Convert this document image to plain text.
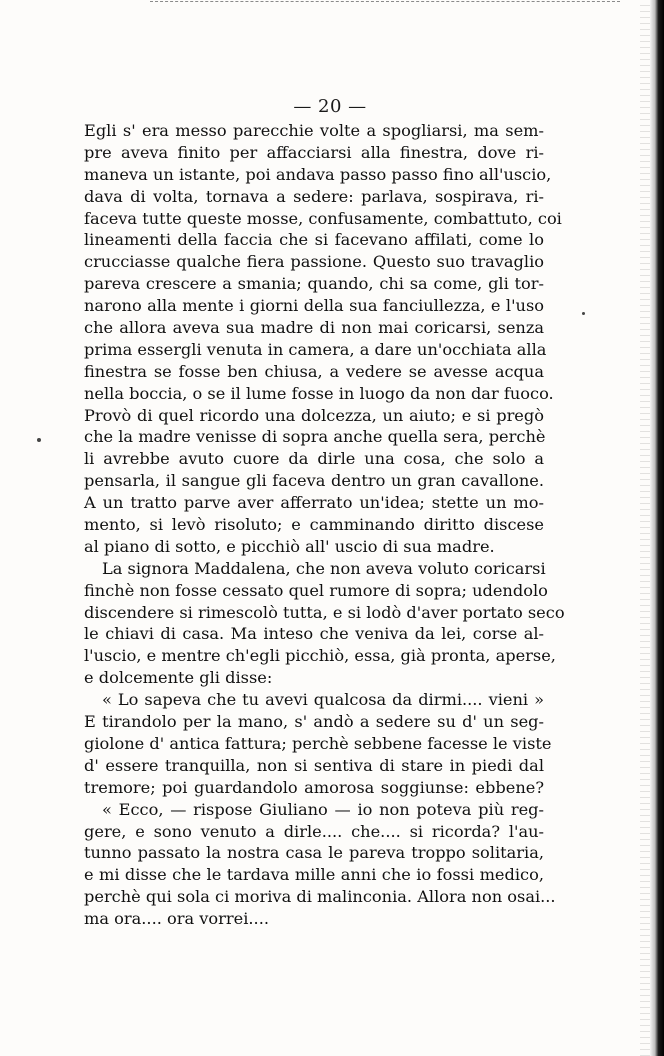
— 20 —
Egli s' era messo parecchie volte a spogliarsi, ma sem-
pre aveva finito per affacciarsi alla finestra, dove ri-
maneva un istante, poi andava passo passo fino all'uscio,
dava di volta, tornava a sedere: parlava, sospirava, ri-
faceva tutte queste mosse, confusamente, combattuto, coi
lineamenti della faccia che si facevano affilati, come lo
crucciasse qualche fiera passione. Questo suo travaglio
pareva crescere a smania; quando, chi sa come, gli tor-
narono alla mente i giorni della sua fanciullezza, e l'uso
che allora aveva sua madre di non mai coricarsi, senza
prima essergli venuta in camera, a dare un'occhiata alla
finestra se fosse ben chiusa, a vedere se avesse acqua
nella boccia, o se il lume fosse in luogo da non dar fuoco.
Provò di quel ricordo una dolcezza, un aiuto; e si pregò
che la madre venisse di sopra anche quella sera, perchè
li avrebbe avuto cuore da dirle una cosa, che solo a
pensarla, il sangue gli faceva dentro un gran cavallone.
A un tratto parve aver afferrato un'idea; stette un mo-
mento, si levò risoluto; e camminando diritto discese
al piano di sotto, e picchiò all' uscio di sua madre.
La signora Maddalena, che non aveva voluto coricarsi
finchè non fosse cessato quel rumore di sopra; udendolo
discendere si rimescolò tutta, e si lodò d'aver portato seco
le chiavi di casa. Ma inteso che veniva da lei, corse al-
l'uscio, e mentre ch'egli picchiò, essa, già pronta, aperse,
e dolcemente gli disse:
« Lo sapeva che tu avevi qualcosa da dirmi.... vieni »
E tirandolo per la mano, s' andò a sedere su d' un seg-
giolone d' antica fattura; perchè sebbene facesse le viste
d' essere tranquilla, non si sentiva di stare in piedi dal
tremore; poi guardandolo amorosa soggiunse: ebbene?
« Ecco, — rispose Giuliano — io non poteva più reg-
gere, e sono venuto a dirle.... che.... si ricorda? l'au-
tunno passato la nostra casa le pareva troppo solitaria,
e mi disse che le tardava mille anni che io fossi medico,
perchè qui sola ci moriva di malinconia. Allora non osai...
ma ora.... ora vorrei....
